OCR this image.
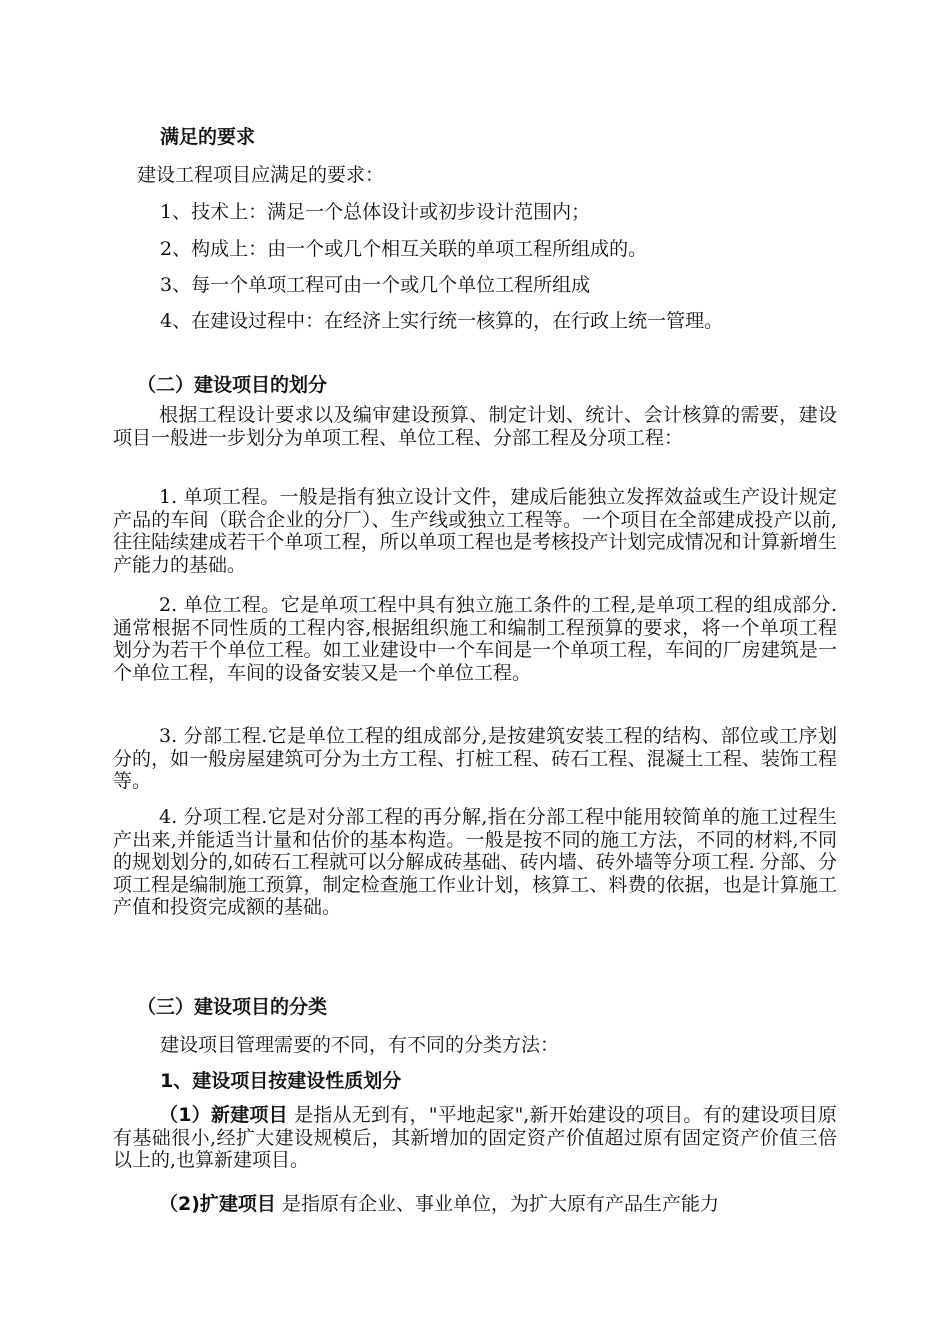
满足的要求
建设工程项目应满足的要求：
1、技术上：满足一个总体设计或初步设计范围内；
2、构成上：由一个或几个相互关联的单项工程所组成的。
3、每一个单项工程可由一个或几个单位工程所组成
4、在建设过程中：在经济上实行统一核算的，在行政上统一管理。
（二）建设项目的划分

根据工程设计要求以及编审建设预算、制定计划、统计、会计核算的需要，建设项目一般进一步划分为单项工程、单位工程、分部工程及分项工程：

1. 单项工程。一般是指有独立设计文件，建成后能独立发挥效益或生产设计规定产品的车间（联合企业的分厂）、生产线或独立工程等。一个项目在全部建成投产以前,往往陆续建成若干个单项工程，所以单项工程也是考核投产计划完成情况和计算新增生产能力的基础。

2. 单位工程。它是单项工程中具有独立施工条件的工程,是单项工程的组成部分.通常根据不同性质的工程内容,根据组织施工和编制工程预算的要求，将一个单项工程划分为若干个单位工程。如工业建设中一个车间是一个单项工程，车间的厂房建筑是一个单位工程，车间的设备安装又是一个单位工程。

3. 分部工程.它是单位工程的组成部分,是按建筑安装工程的结构、部位或工序划分的，如一般房屋建筑可分为土方工程、打桩工程、砖石工程、混凝土工程、装饰工程等。

4. 分项工程.它是对分部工程的再分解,指在分部工程中能用较简单的施工过程生产出来,并能适当计量和估价的基本构造。一般是按不同的施工方法，不同的材料,不同的规划划分的,如砖石工程就可以分解成砖基础、砖内墙、砖外墙等分项工程. 分部、分项工程是编制施工预算，制定检查施工作业计划，核算工、料费的依据，也是计算施工产值和投资完成额的基础。

（三）建设项目的分类
建设项目管理需要的不同，有不同的分类方法：
1、建设项目按建设性质划分

（1）新建项目 是指从无到有，"平地起家",新开始建设的项目。有的建设项目原有基础很小,经扩大建设规模后，其新增加的固定资产价值超过原有固定资产价值三倍以上的,也算新建项目。

（2)扩建项目 是指原有企业、事业单位，为扩大原有产品生产能力
